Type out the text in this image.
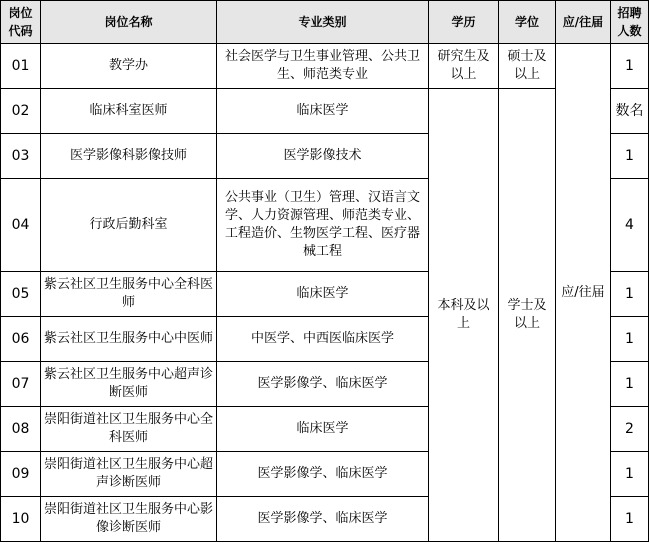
岗位代码	岗位名称	专业类别	学历	学位	应/往届	招聘人数
01	教学办	社会医学与卫生事业管理、公共卫生、师范类专业	研究生及以上	硕士及以上	应/往届	1
02	临床科室医师	临床医学	本科及以上	学士及以上		数名
03	医学影像科影像技师	医学影像技术				1
04	行政后勤科室	公共事业（卫生）管理、汉语言文学、人力资源管理、师范类专业、工程造价、生物医学工程、医疗器械工程				4
05	紫云社区卫生服务中心全科医师	临床医学				1
06	紫云社区卫生服务中心中医师	中医学、中西医临床医学				1
07	紫云社区卫生服务中心超声诊断医师	医学影像学、临床医学				1
08	崇阳街道社区卫生服务中心全科医师	临床医学				2
09	崇阳街道社区卫生服务中心超声诊断医师	医学影像学、临床医学				1
10	崇阳街道社区卫生服务中心影像诊断医师	医学影像学、临床医学				1
